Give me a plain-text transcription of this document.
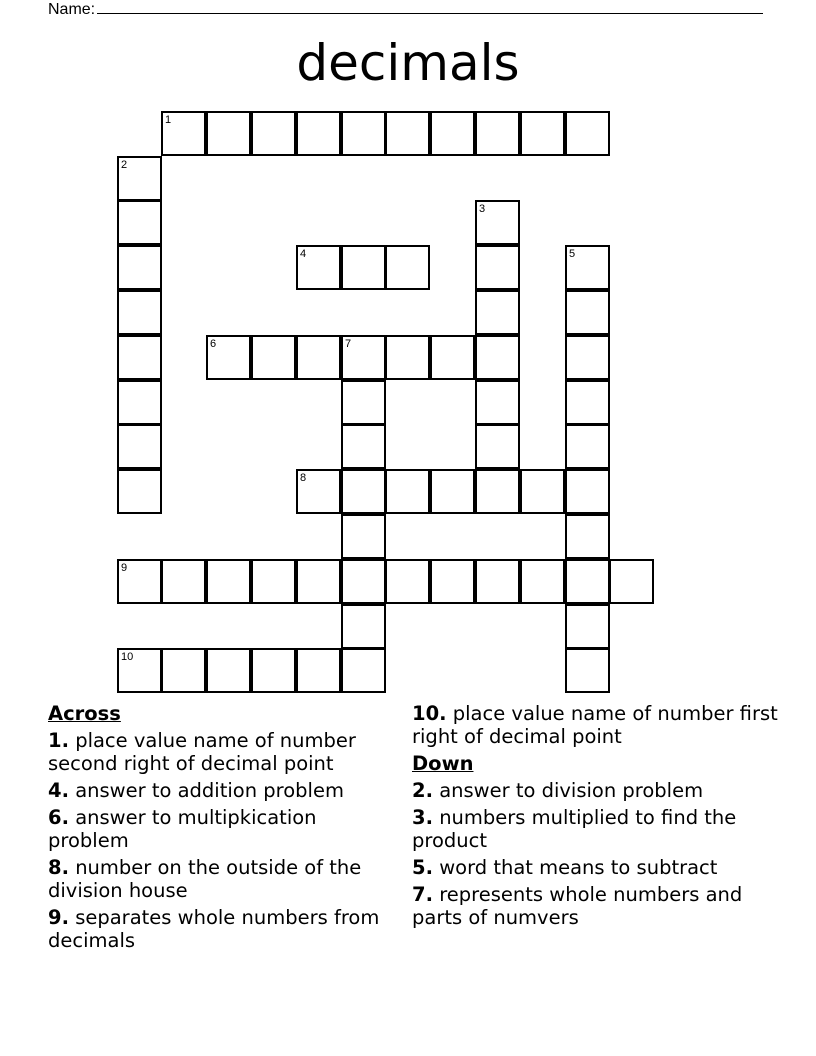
Name:
decimals
1
2
3
4	5
6	7
8
9
10
Across
1. place value name of number second right of decimal point
4. answer to addition problem
6. answer to multipkication problem
8. number on the outside of the division house
9. separates whole numbers from decimals
10. place value name of number first right of decimal point
Down
2. answer to division problem
3. numbers multiplied to find the product
5. word that means to subtract
7. represents whole numbers and parts of numvers
